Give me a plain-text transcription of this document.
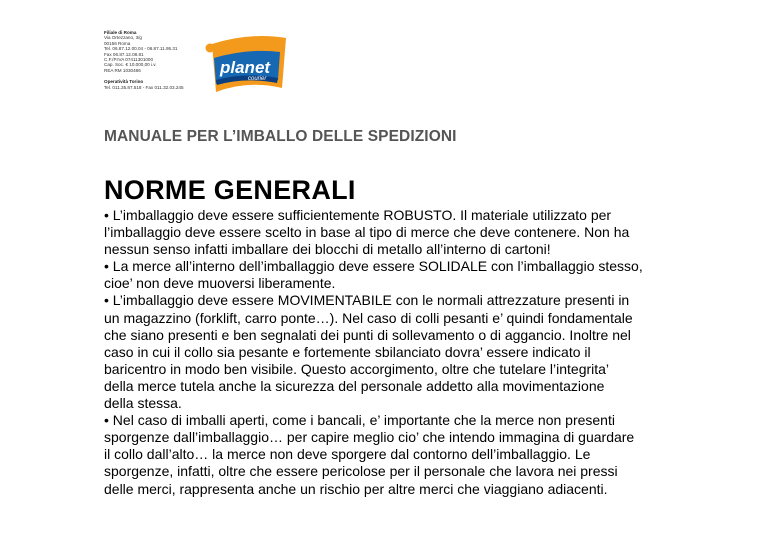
Filiale di Roma
Via Ortezzano, 3/g
00156 Roma
Tel. 06.87.12.00.04 - 06.87.11.95.31
Fax 06.87.12.08.81
C.F./P.IVA 07411301000
Cap. Soc. € 10.000,00 i.v.
REA RM 1030486
Operatività Torino
Tel. 011.35.87.518 - Fax 011.32.03.245
planet
courier
MANUALE PER L’IMBALLO DELLE SPEDIZIONI
NORME GENERALI
• L’imballaggio deve essere sufficientemente ROBUSTO. Il materiale utilizzato per
l’imballaggio deve essere scelto in base al tipo di merce che deve contenere. Non ha
nessun senso infatti imballare dei blocchi di metallo all’interno di cartoni!
• La merce all’interno dell’imballaggio deve essere SOLIDALE con l’imballaggio stesso,
cioe’ non deve muoversi liberamente.
• L’imballaggio deve essere MOVIMENTABILE con le normali attrezzature presenti in
un magazzino (forklift, carro ponte…). Nel caso di colli pesanti e’ quindi fondamentale
che siano presenti e ben segnalati dei punti di sollevamento o di aggancio. Inoltre nel
caso in cui il collo sia pesante e fortemente sbilanciato dovra’ essere indicato il
baricentro in modo ben visibile. Questo accorgimento, oltre che tutelare l’integrita’
della merce tutela anche la sicurezza del personale addetto alla movimentazione
della stessa.
• Nel caso di imballi aperti, come i bancali, e’ importante che la merce non presenti
sporgenze dall’imballaggio… per capire meglio cio’ che intendo immagina di guardare
il collo dall’alto… la merce non deve sporgere dal contorno dell’imballaggio. Le
sporgenze, infatti, oltre che essere pericolose per il personale che lavora nei pressi
delle merci, rappresenta anche un rischio per altre merci che viaggiano adiacenti.
